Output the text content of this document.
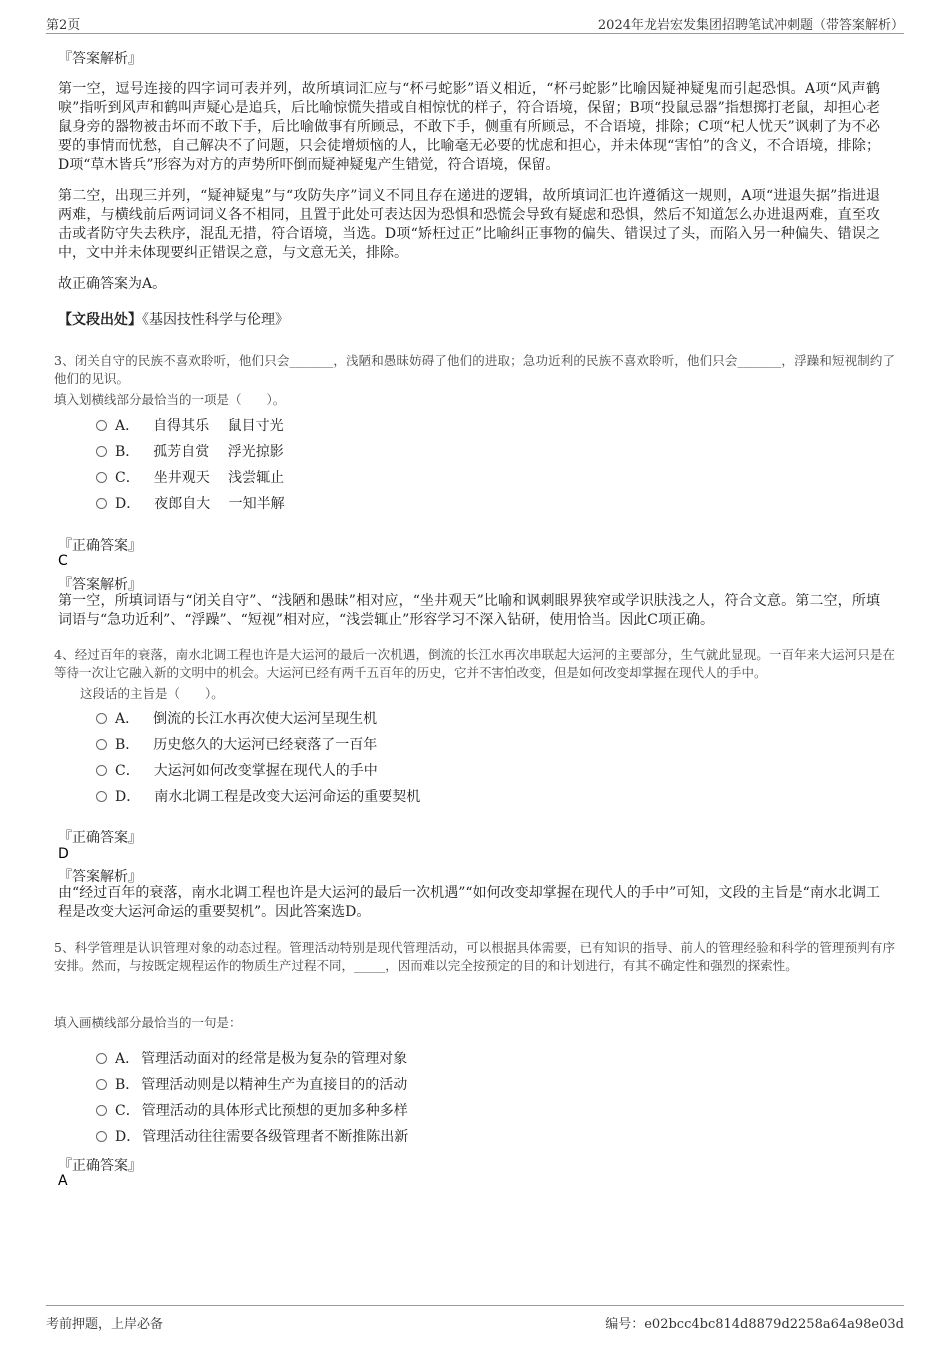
第2页	2024年龙岩宏发集团招聘笔试冲刺题（带答案解析）
『答案解析』
第一空，逗号连接的四字词可表并列，故所填词汇应与“杯弓蛇影”语义相近，“杯弓蛇影”比喻因疑神疑鬼而引起恐惧。A项“风声鹤唳”指听到风声和鹤叫声疑心是追兵，后比喻惊慌失措或自相惊忧的样子，符合语境，保留；B项“投鼠忌器”指想掷打老鼠，却担心老鼠身旁的器物被击坏而不敢下手，后比喻做事有所顾忌，不敢下手，侧重有所顾忌，不合语境，排除；C项“杞人忧天”讽刺了为不必要的事情而忧愁，自己解决不了问题，只会徒增烦恼的人，比喻毫无必要的忧虑和担心，并未体现“害怕”的含义，不合语境，排除；D项“草木皆兵”形容为对方的声势所吓倒而疑神疑鬼产生错觉，符合语境，保留。
第二空，出现三并列，“疑神疑鬼”与“攻防失序”词义不同且存在递进的逻辑，故所填词汇也许遵循这一规则，A项“进退失据”指进退两难，与横线前后两词词义各不相同，且置于此处可表达因为恐惧和恐慌会导致有疑虑和恐惧，然后不知道怎么办进退两难，直至攻击或者防守失去秩序，混乱无措，符合语境，当选。D项“矫枉过正”比喻纠正事物的偏失、错误过了头，而陷入另一种偏失、错误之中，文中并未体现要纠正错误之意，与文意无关，排除。
故正确答案为A。
【文段出处】《基因技性科学与伦理》
3、闭关自守的民族不喜欢聆听，他们只会_______，浅陋和愚昧妨碍了他们的进取；急功近利的民族不喜欢聆听，他们只会_______，浮躁和短视制约了他们的见识。
填入划横线部分最恰当的一项是（　　）。
A． 自得其乐　 鼠目寸光
B． 孤芳自赏　 浮光掠影
C． 坐井观天　 浅尝辄止
D． 夜郎自大　 一知半解
『正确答案』
C
『答案解析』
第一空，所填词语与“闭关自守”、“浅陋和愚昧”相对应，“坐井观天”比喻和讽刺眼界狭窄或学识肤浅之人，符合文意。第二空，所填词语与“急功近利”、“浮躁”、“短视”相对应，“浅尝辄止”形容学习不深入钻研，使用恰当。因此C项正确。
4、经过百年的衰落，南水北调工程也许是大运河的最后一次机遇，倒流的长江水再次串联起大运河的主要部分，生气就此显现。一百年来大运河只是在等待一次让它融入新的文明中的机会。大运河已经有两千五百年的历史，它并不害怕改变，但是如何改变却掌握在现代人的手中。
这段话的主旨是（　　）。
A． 倒流的长江水再次使大运河呈现生机
B． 历史悠久的大运河已经衰落了一百年
C． 大运河如何改变掌握在现代人的手中
D． 南水北调工程是改变大运河命运的重要契机
『正确答案』
D
『答案解析』
由“经过百年的衰落，南水北调工程也许是大运河的最后一次机遇”“如何改变却掌握在现代人的手中”可知，文段的主旨是“南水北调工程是改变大运河命运的重要契机”。因此答案选D。
5、科学管理是认识管理对象的动态过程。管理活动特别是现代管理活动，可以根据具体需要，已有知识的指导、前人的管理经验和科学的管理预判有序安排。然而，与按既定规程运作的物质生产过程不同，_____，因而难以完全按预定的目的和计划进行，有其不确定性和强烈的探索性。
填入画横线部分最恰当的一句是：
A． 管理活动面对的经常是极为复杂的管理对象
B． 管理活动则是以精神生产为直接目的的活动
C． 管理活动的具体形式比预想的更加多种多样
D． 管理活动往往需要各级管理者不断推陈出新
『正确答案』
A
考前押题，上岸必备	编号：e02bcc4bc814d8879d2258a64a98e03d
